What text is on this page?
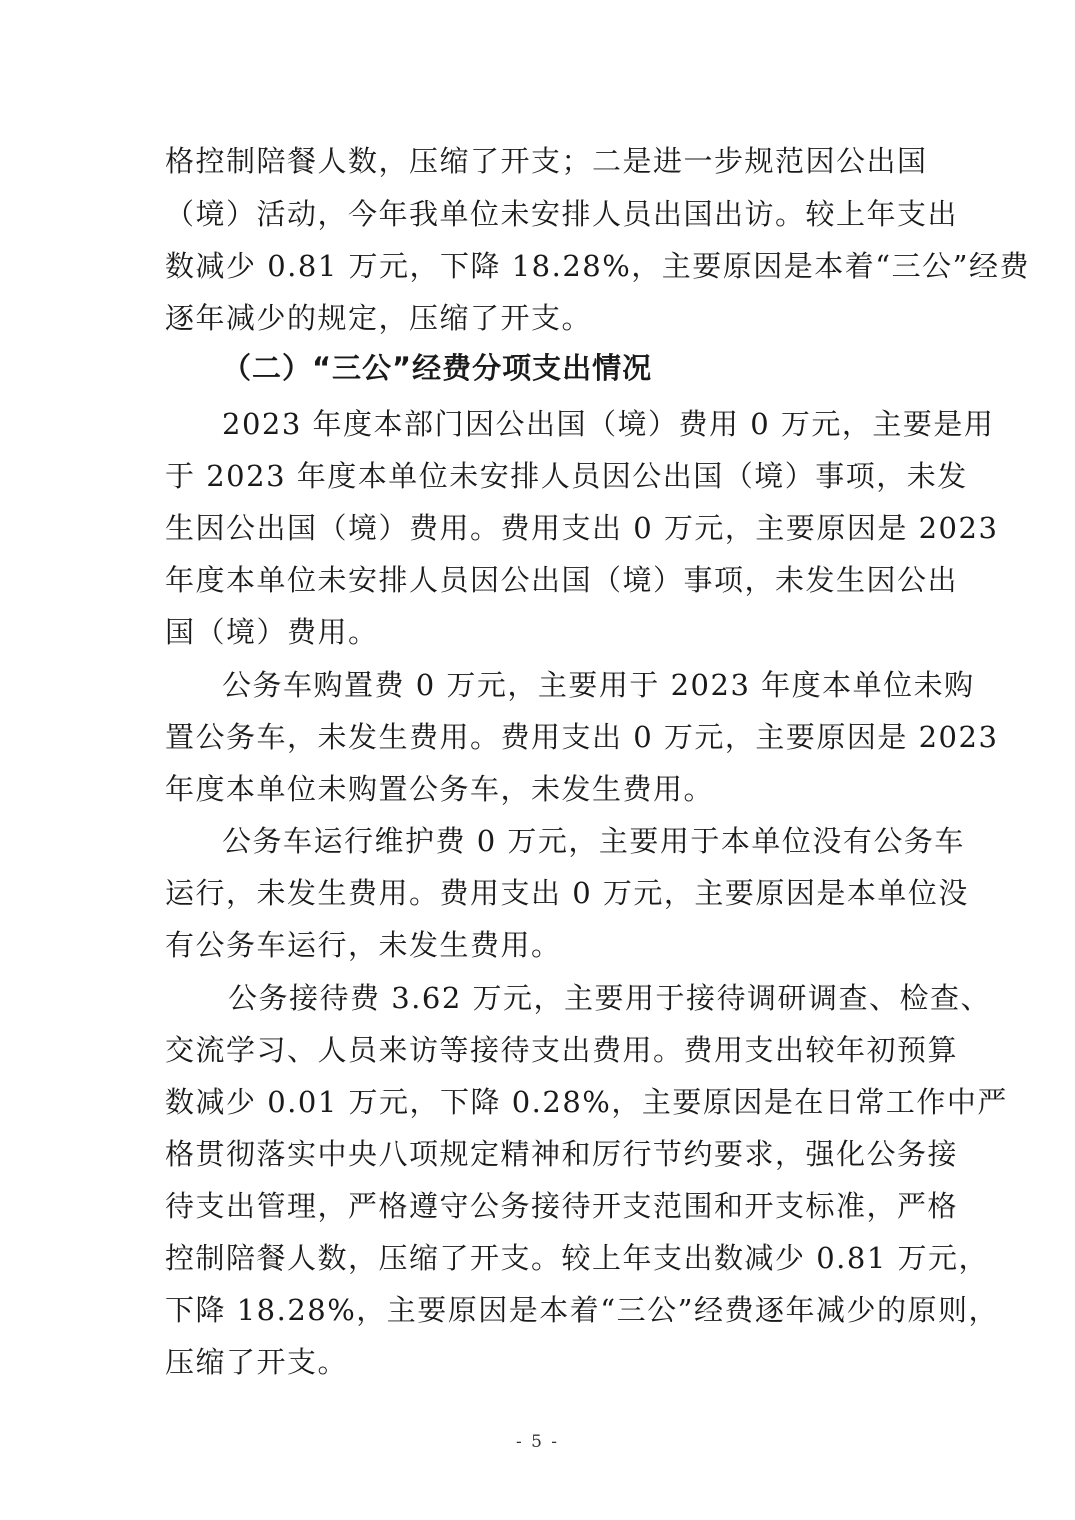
格控制陪餐人数，压缩了开支；二是进一步规范因公出国
（境）活动，今年我单位未安排人员出国出访。较上年支出
数减少 0.81 万元，下降 18.28%，主要原因是本着“三公”经费
逐年减少的规定，压缩了开支。
（二）“三公”经费分项支出情况
2023 年度本部门因公出国（境）费用 0 万元，主要是用
于 2023 年度本单位未安排人员因公出国（境）事项，未发
生因公出国（境）费用。费用支出 0 万元，主要原因是 2023
年度本单位未安排人员因公出国（境）事项，未发生因公出
国（境）费用。
公务车购置费 0 万元，主要用于 2023 年度本单位未购
置公务车，未发生费用。费用支出 0 万元，主要原因是 2023
年度本单位未购置公务车，未发生费用。
公务车运行维护费 0 万元，主要用于本单位没有公务车
运行，未发生费用。费用支出 0 万元，主要原因是本单位没
有公务车运行，未发生费用。
公务接待费 3.62 万元，主要用于接待调研调查、检查、
交流学习、人员来访等接待支出费用。费用支出较年初预算
数减少 0.01 万元，下降 0.28%，主要原因是在日常工作中严
格贯彻落实中央八项规定精神和厉行节约要求，强化公务接
待支出管理，严格遵守公务接待开支范围和开支标准，严格
控制陪餐人数，压缩了开支。较上年支出数减少 0.81 万元，
下降 18.28%，主要原因是本着“三公”经费逐年减少的原则，
压缩了开支。
- 5 -
